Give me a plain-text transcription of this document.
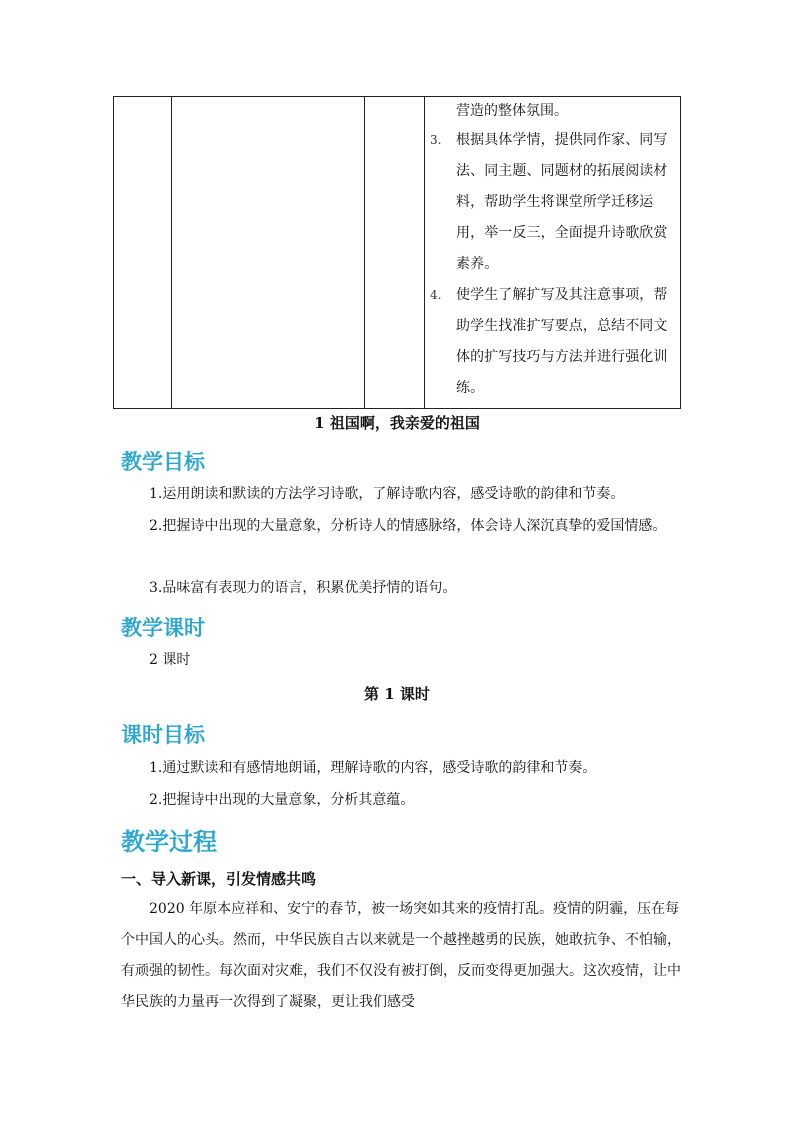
营造的整体氛围。
3. 根据具体学情，提供同作家、同写法、同主题、同题材的拓展阅读材料，帮助学生将课堂所学迁移运用，举一反三，全面提升诗歌欣赏素养。
4. 使学生了解扩写及其注意事项，帮助学生找准扩写要点，总结不同文体的扩写技巧与方法并进行强化训练。
1 祖国啊，我亲爱的祖国
教学目标
1.运用朗读和默读的方法学习诗歌，了解诗歌内容，感受诗歌的韵律和节奏。
2.把握诗中出现的大量意象，分析诗人的情感脉络，体会诗人深沉真挚的爱国情感。
3.品味富有表现力的语言，积累优美抒情的语句。
教学课时
2 课时
第 1 课时
课时目标
1.通过默读和有感情地朗诵，理解诗歌的内容，感受诗歌的韵律和节奏。
2.把握诗中出现的大量意象，分析其意蕴。
教学过程
一、导入新课，引发情感共鸣
2020 年原本应祥和、安宁的春节，被一场突如其来的疫情打乱。疫情的阴霾，压在每个中国人的心头。然而，中华民族自古以来就是一个越挫越勇的民族，她敢抗争、不怕输，有顽强的韧性。每次面对灾难，我们不仅没有被打倒，反而变得更加强大。这次疫情，让中华民族的力量再一次得到了凝聚，更让我们感受
